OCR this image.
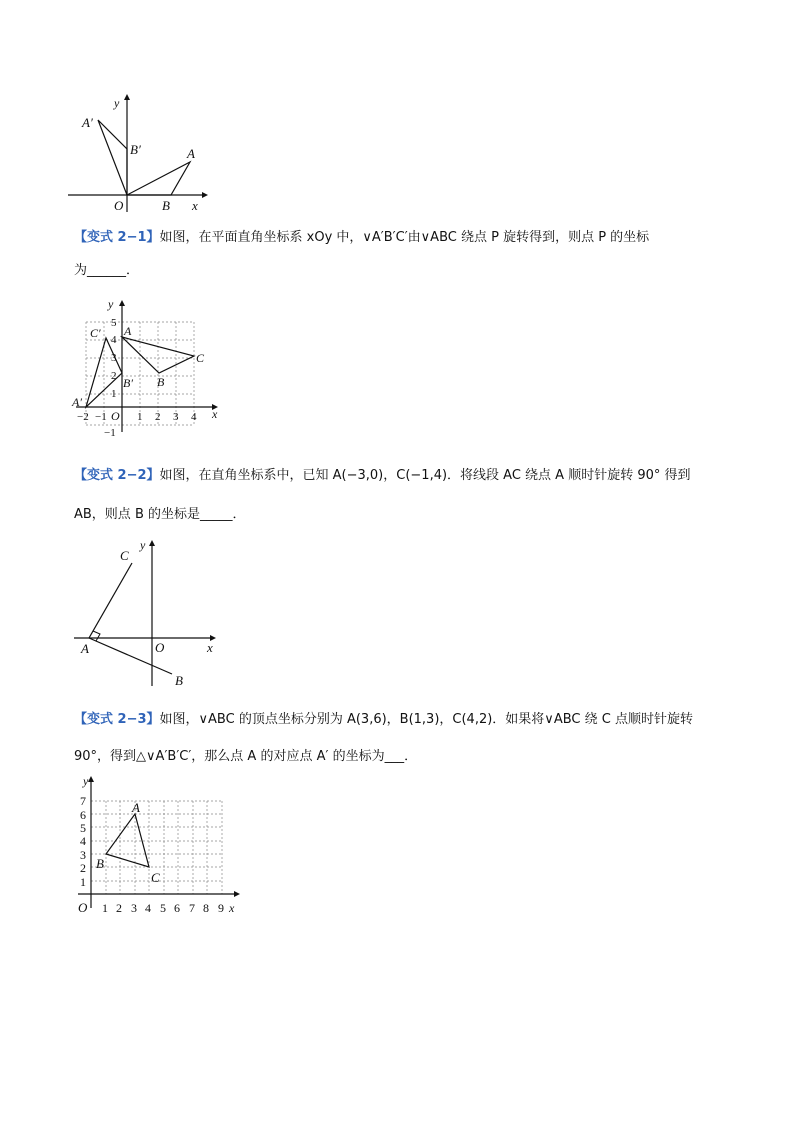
y
A′
B′	A
O	B x
【变式 2−1】如图，在平面直角坐标系 xOy 中，∨A′B′C′由∨ABC 绕点 P 旋转得到，则点 P 的坐标
为______．
y
x
5
4
3
2
1
−1
−2 −1 O 1 2 3 4
A
C
B
C′
B′
A′
【变式 2−2】如图，在直角坐标系中，已知 A(−3,0)，C(−1,4)．将线段 AC 绕点 A 顺时针旋转 90° 得到
AB，则点 B 的坐标是_____．
y
C
A	O	x
B
【变式 2−3】如图，∨ABC 的顶点坐标分别为 A(3,6)，B(1,3)，C(4,2)．如果将∨ABC 绕 C 点顺时针旋转
90°，得到△∨A′B′C′，那么点 A 的对应点 A′ 的坐标为___．
y
7
6
5
4
3
2
1
O 1 2 3 4 5 6 7 8 9 x
A
B
C
